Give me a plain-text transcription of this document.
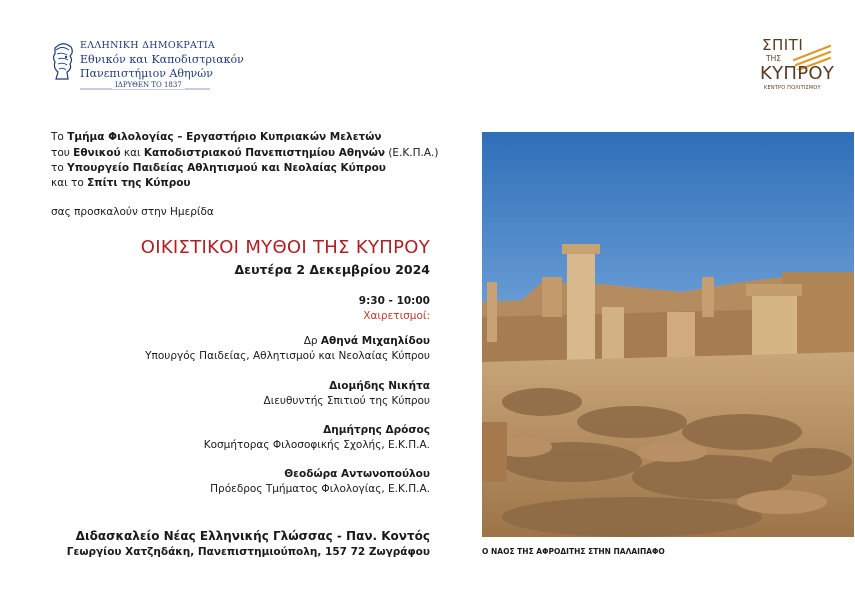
ΕΛΛΗΝΙΚΗ ΔΗΜΟΚΡΑΤΙΑ
Εθνικόν και Καποδιστριακόν
Πανεπιστήμιον Αθηνών
ΙΔΡΥΘΕΝ ΤΟ 1837
ΣΠΙΤΙ
ΤΗΣ
ΚΥΠΡΟΥ
ΚΕΝΤΡΟ ΠΟΛΙΤΙΣΜΟΥ
Το Τμήμα Φιλολογίας – Εργαστήριο Κυπριακών Μελετών
του Εθνικού και Καποδιστριακού Πανεπιστημίου Αθηνών (Ε.Κ.Π.Α.)
το Υπουργείο Παιδείας Αθλητισμού και Νεολαίας Κύπρου
και το Σπίτι της Κύπρου
σας προσκαλούν στην Ημερίδα
ΟΙΚΙΣΤΙΚΟΙ ΜΥΘΟΙ ΤΗΣ ΚΥΠΡΟΥ
Δευτέρα 2 Δεκεμβρίου 2024
9:30 - 10:00
Χαιρετισμοί:
Δρ Αθηνά Μιχαηλίδου
Υπουργός Παιδείας, Αθλητισμού και Νεολαίας Κύπρου
Διομήδης Νικήτα
Διευθυντής Σπιτιού της Κύπρου
Δημήτρης Δρόσος
Κοσμήτορας Φιλοσοφικής Σχολής, Ε.Κ.Π.Α.
Θεοδώρα Αντωνοπούλου
Πρόεδρος Τμήματος Φιλολογίας, Ε.Κ.Π.Α.
Διδασκαλείο Νέας Ελληνικής Γλώσσας - Παν. Κοντός
Γεωργίου Χατζηδάκη, Πανεπιστημιούπολη, 157 72 Ζωγράφου	Ο ΝΑΟΣ ΤΗΣ ΑΦΡΟΔΙΤΗΣ ΣΤΗΝ ΠΑΛΑΙΠΑΦΟ
